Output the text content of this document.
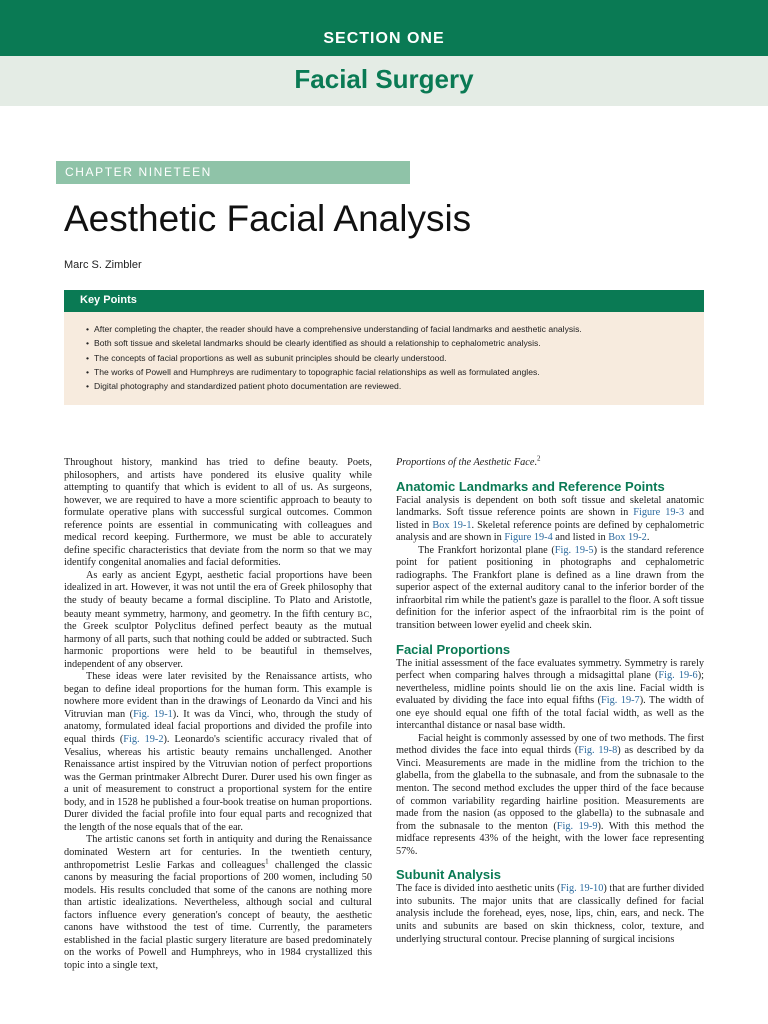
SECTION ONE
Facial Surgery
CHAPTER NINETEEN
Aesthetic Facial Analysis
Marc S. Zimbler
Key Points
• After completing the chapter, the reader should have a comprehensive understanding of facial landmarks and aesthetic analysis.
• Both soft tissue and skeletal landmarks should be clearly identified as should a relationship to cephalometric analysis.
• The concepts of facial proportions as well as subunit principles should be clearly understood.
• The works of Powell and Humphreys are rudimentary to topographic facial relationships as well as formulated angles.
• Digital photography and standardized patient photo documentation are reviewed.

Throughout history, mankind has tried to define beauty. Poets, philosophers, and artists have pondered its elusive quality while attempting to quantify that which is evident to all of us. As surgeons, however, we are required to have a more scientific approach to beauty to formulate operative plans with successful surgical outcomes. Common reference points are essential in communicating with colleagues and medical record keeping. Furthermore, we must be able to accurately define specific characteristics that deviate from the norm so that we may identify congenital anomalies and facial deformities.

As early as ancient Egypt, aesthetic facial proportions have been idealized in art. However, it was not until the era of Greek philosophy that the study of beauty became a formal discipline. To Plato and Aristotle, beauty meant symmetry, harmony, and geometry. In the fifth century BC, the Greek sculptor Polyclitus defined perfect beauty as the mutual harmony of all parts, such that nothing could be added or subtracted. Such harmonic proportions were held to be beautiful in themselves, independent of any observer.

These ideas were later revisited by the Renaissance artists, who began to define ideal proportions for the human form. This example is nowhere more evident than in the drawings of Leonardo da Vinci and his Vitruvian man (Fig. 19-1). It was da Vinci, who, through the study of anatomy, formulated ideal facial proportions and divided the profile into equal thirds (Fig. 19-2). Leonardo's scientific accuracy rivaled that of Vesalius, whereas his artistic beauty remains unchallenged. Another Renaissance artist inspired by the Vitruvian notion of perfect proportions was the German printmaker Albrecht Durer. Durer used his own finger as a unit of measurement to construct a proportional system for the entire body, and in 1528 he published a four-book treatise on human proportions. Durer divided the facial profile into four equal parts and recognized that the length of the nose equals that of the ear.

The artistic canons set forth in antiquity and during the Renaissance dominated Western art for centuries. In the twentieth century, anthropometrist Leslie Farkas and colleagues$^1$ challenged the classic canons by measuring the facial proportions of 200 women, including 50 models. His results concluded that some of the canons are nothing more than artistic idealizations. Nevertheless, although social and cultural factors influence every generation's concept of beauty, the aesthetic canons have withstood the test of time. Currently, the parameters established in the facial plastic surgery literature are based predominately on the works of Powell and Humphreys, who in 1984 crystallized this topic into a single text,

Proportions of the Aesthetic Face.$^2$

Anatomic Landmarks and Reference Points

Facial analysis is dependent on both soft tissue and skeletal anatomic landmarks. Soft tissue reference points are shown in Figure 19-3 and listed in Box 19-1. Skeletal reference points are defined by cephalometric analysis and are shown in Figure 19-4 and listed in Box 19-2.

The Frankfort horizontal plane (Fig. 19-5) is the standard reference point for patient positioning in photographs and cephalometric radiographs. The Frankfort plane is defined as a line drawn from the superior aspect of the external auditory canal to the inferior border of the infraorbital rim while the patient's gaze is parallel to the floor. A soft tissue definition for the inferior aspect of the infraorbital rim is the point of transition between lower eyelid and cheek skin.

Facial Proportions

The initial assessment of the face evaluates symmetry. Symmetry is rarely perfect when comparing halves through a midsagittal plane (Fig. 19-6); nevertheless, midline points should lie on the axis line. Facial width is evaluated by dividing the face into equal fifths (Fig. 19-7). The width of one eye should equal one fifth of the total facial width, as well as the intercanthal distance or nasal base width.

Facial height is commonly assessed by one of two methods. The first method divides the face into equal thirds (Fig. 19-8) as described by da Vinci. Measurements are made in the midline from the trichion to the glabella, from the glabella to the subnasale, and from the subnasale to the menton. The second method excludes the upper third of the face because of common variability regarding hairline position. Measurements are made from the nasion (as opposed to the glabella) to the subnasale and from the subnasale to the menton (Fig. 19-9). With this method the midface represents 43% of the height, with the lower face representing 57%.

Subunit Analysis

The face is divided into aesthetic units (Fig. 19-10) that are further divided into subunits. The major units that are classically defined for facial analysis include the forehead, eyes, nose, lips, chin, ears, and neck. The units and subunits are based on skin thickness, color, texture, and underlying structural contour. Precise planning of surgical incisions
